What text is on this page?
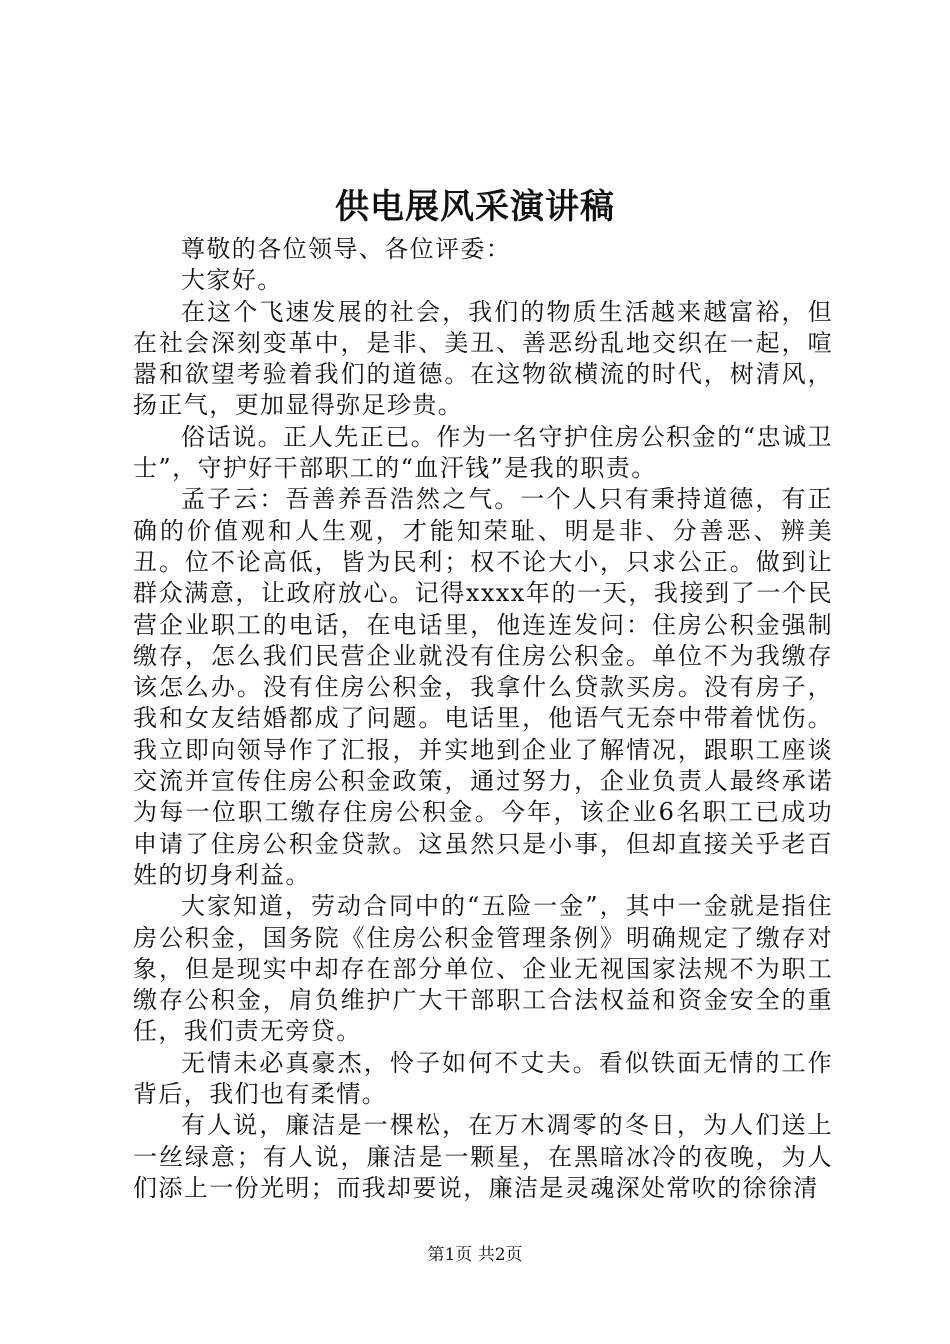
供电展风采演讲稿

尊敬的各位领导、各位评委：

大家好。

在这个飞速发展的社会，我们的物质生活越来越富裕，但在社会深刻变革中，是非、美丑、善恶纷乱地交织在一起，喧嚣和欲望考验着我们的道德。在这物欲横流的时代，树清风，扬正气，更加显得弥足珍贵。

俗话说。正人先正已。作为一名守护住房公积金的“忠诚卫士”，守护好干部职工的“血汗钱”是我的职责。

孟子云：吾善养吾浩然之气。一个人只有秉持道德，有正确的价值观和人生观，才能知荣耻、明是非、分善恶、辨美丑。位不论高低，皆为民利；权不论大小，只求公正。做到让群众满意，让政府放心。记得xxxx年的一天，我接到了一个民营企业职工的电话，在电话里，他连连发问：住房公积金强制缴存，怎么我们民营企业就没有住房公积金。单位不为我缴存该怎么办。没有住房公积金，我拿什么贷款买房。没有房子，我和女友结婚都成了问题。电话里，他语气无奈中带着忧伤。我立即向领导作了汇报，并实地到企业了解情况，跟职工座谈交流并宣传住房公积金政策，通过努力，企业负责人最终承诺为每一位职工缴存住房公积金。今年，该企业6名职工已成功申请了住房公积金贷款。这虽然只是小事，但却直接关乎老百姓的切身利益。

大家知道，劳动合同中的“五险一金”，其中一金就是指住房公积金，国务院《住房公积金管理条例》明确规定了缴存对象，但是现实中却存在部分单位、企业无视国家法规不为职工缴存公积金，肩负维护广大干部职工合法权益和资金安全的重任，我们责无旁贷。

无情未必真豪杰，怜子如何不丈夫。看似铁面无情的工作背后，我们也有柔情。

有人说，廉洁是一棵松，在万木凋零的冬日，为人们送上一丝绿意；有人说，廉洁是一颗星，在黑暗冰冷的夜晚，为人们添上一份光明；而我却要说，廉洁是灵魂深处常吹的徐徐清

第1页 共2页
